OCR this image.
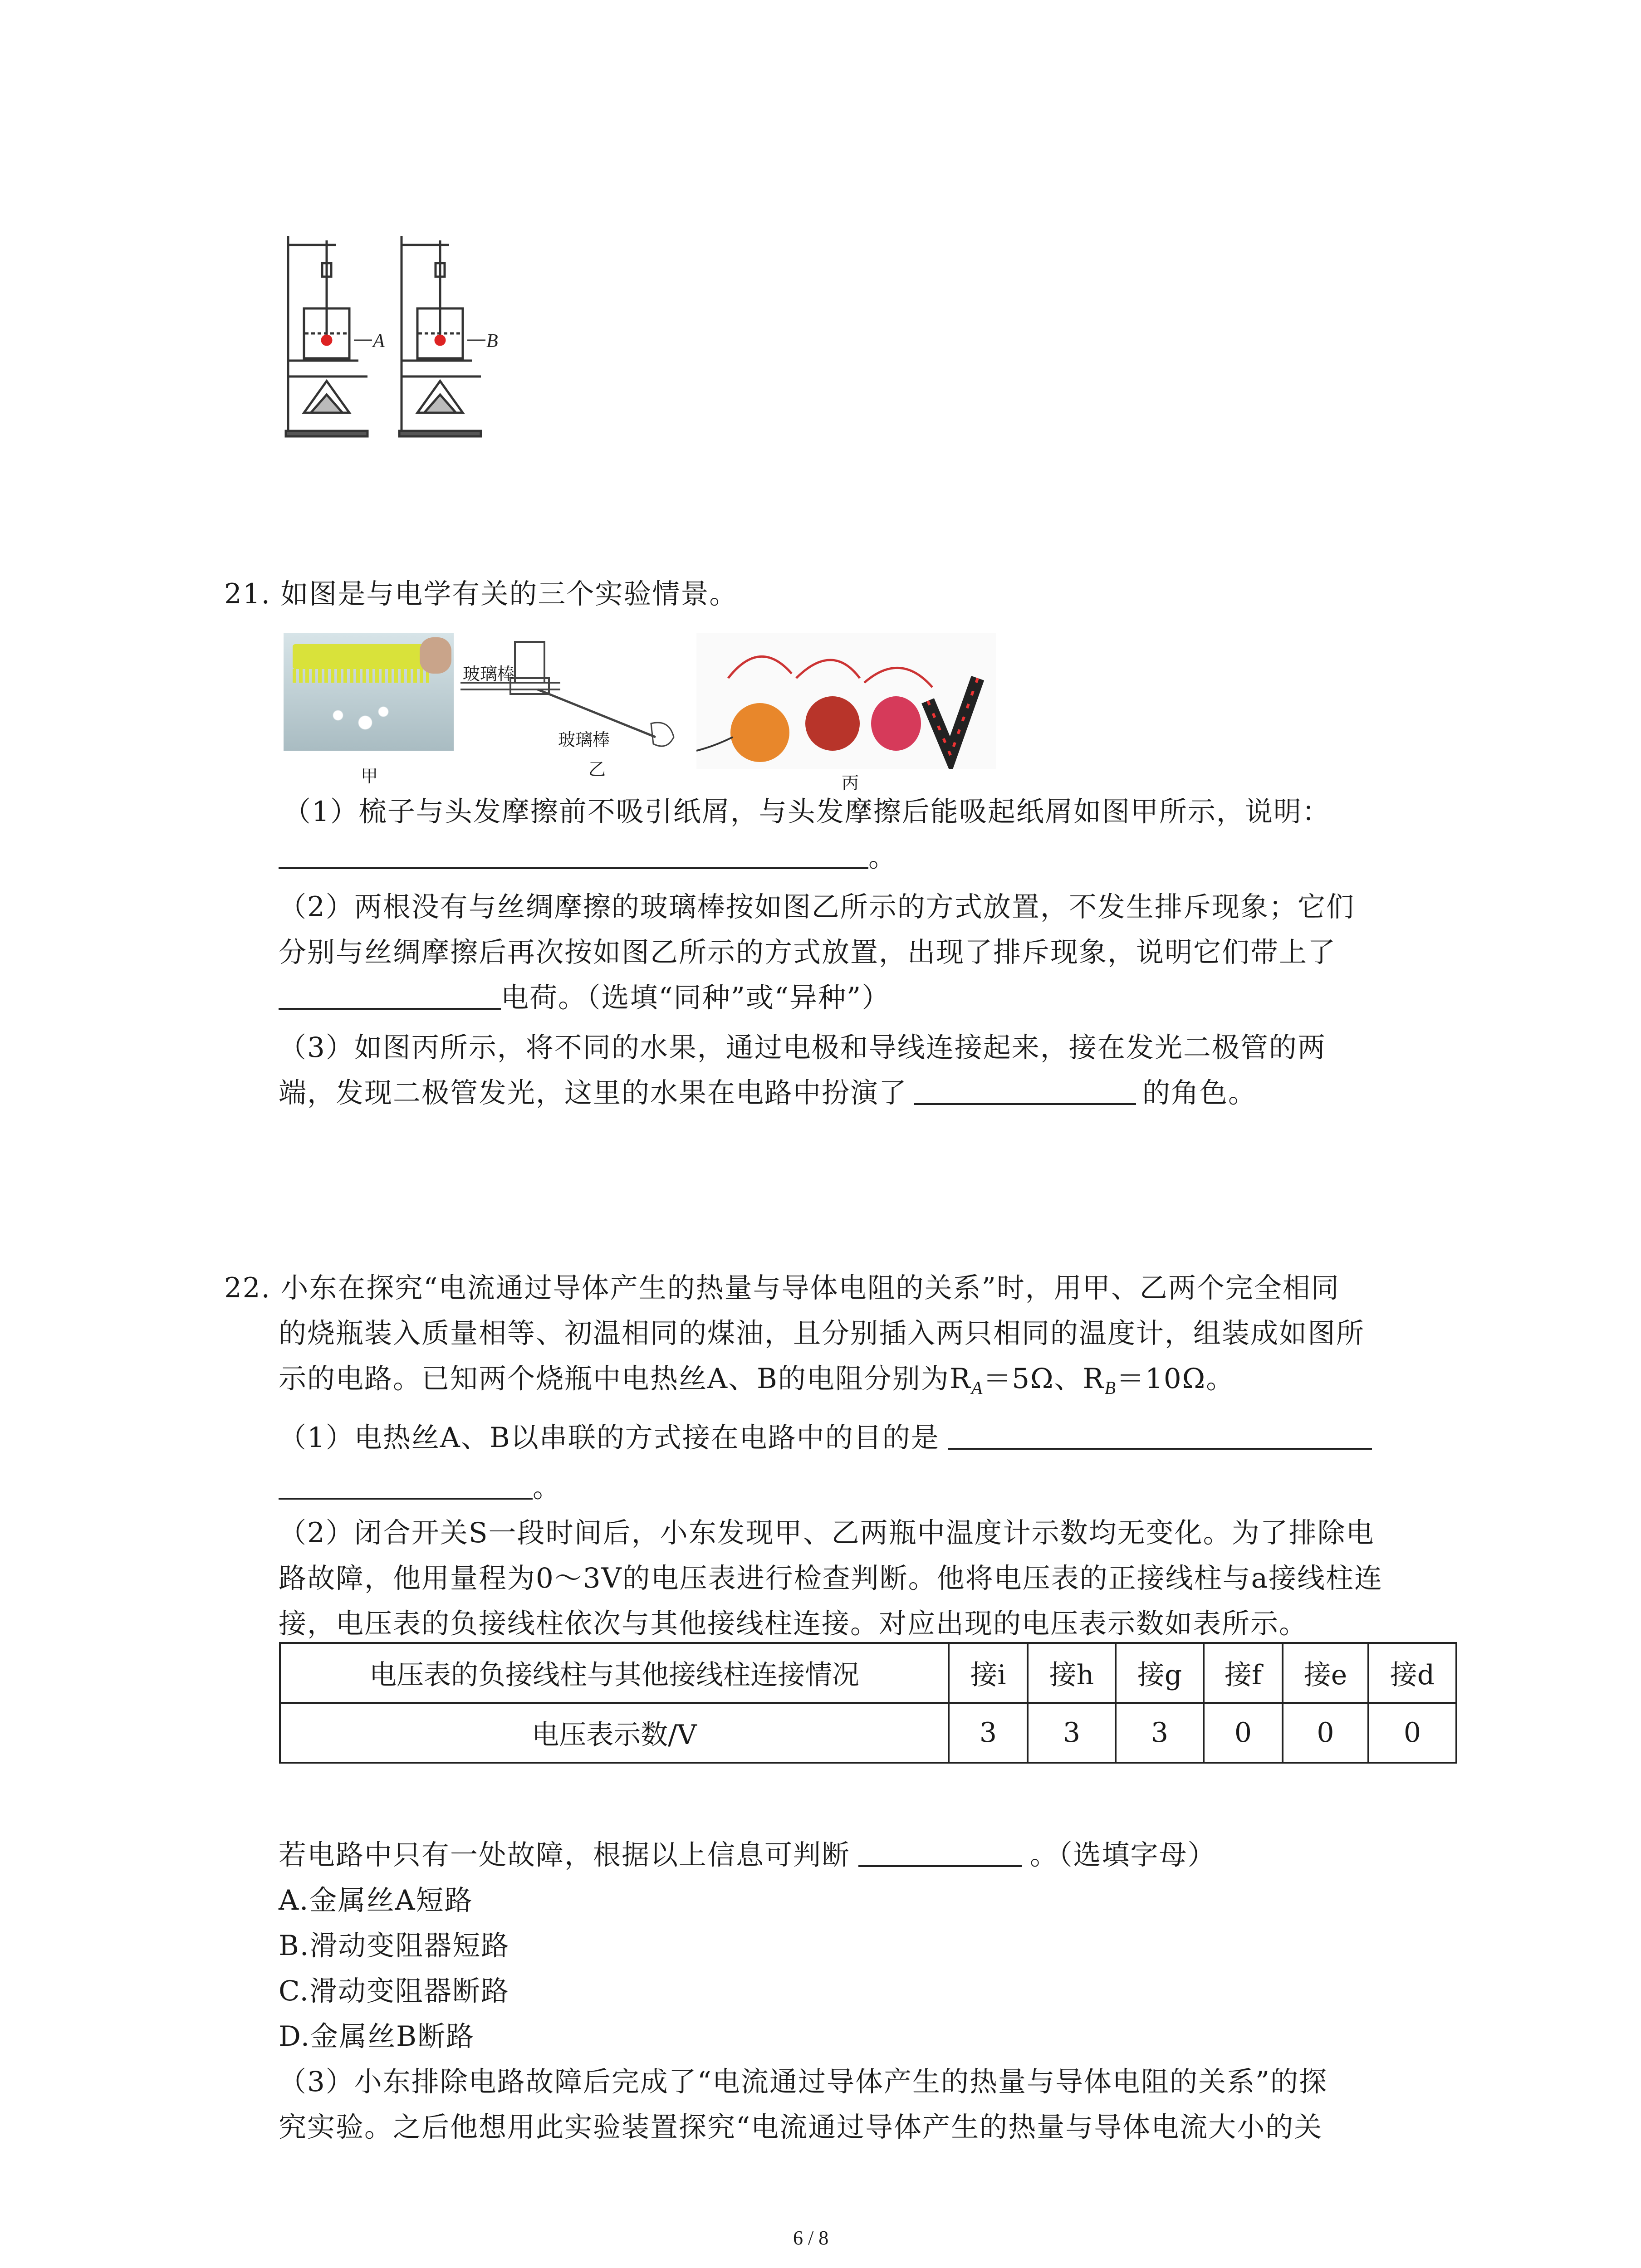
A	B
21. 如图是与电学有关的三个实验情景。
甲
玻璃棒
玻璃棒
乙
丙
（1）梳子与头发摩擦前不吸引纸屑，与头发摩擦后能吸起纸屑如图甲所示，说明：
。
（2）两根没有与丝绸摩擦的玻璃棒按如图乙所示的方式放置，不发生排斥现象；它们
分别与丝绸摩擦后再次按如图乙所示的方式放置，出现了排斥现象，说明它们带上了
电荷。（选填“同种”或“异种”）
（3）如图丙所示，将不同的水果，通过电极和导线连接起来，接在发光二极管的两
端，发现二极管发光，这里的水果在电路中扮演了	的角色。
22. 小东在探究“电流通过导体产生的热量与导体电阻的关系”时，用甲、乙两个完全相同
的烧瓶装入质量相等、初温相同的煤油，且分别插入两只相同的温度计，组装成如图所
示的电路。已知两个烧瓶中电热丝A、B的电阻分别为$R_A=5\Omega$、$R_B=10\Omega$。
（1）电热丝A、B以串联的方式接在电路中的目的是
。
（2）闭合开关S一段时间后，小东发现甲、乙两瓶中温度计示数均无变化。为了排除电
路故障，他用量程为0～3V的电压表进行检查判断。他将电压表的正接线柱与a接线柱连
接，电压表的负接线柱依次与其他接线柱连接。对应出现的电压表示数如表所示。
电压表的负接线柱与其他接线柱连接情况	接i	接h	接g	接f	接e	接d
电压表示数/V	3	3	3	0	0	0
若电路中只有一处故障，根据以上信息可判断	。（选填字母）
A.金属丝A短路
B.滑动变阻器短路
C.滑动变阻器断路
D.金属丝B断路
（3）小东排除电路故障后完成了“电流通过导体产生的热量与导体电阻的关系”的探
究实验。之后他想用此实验装置探究“电流通过导体产生的热量与导体电流大小的关
6 / 8
